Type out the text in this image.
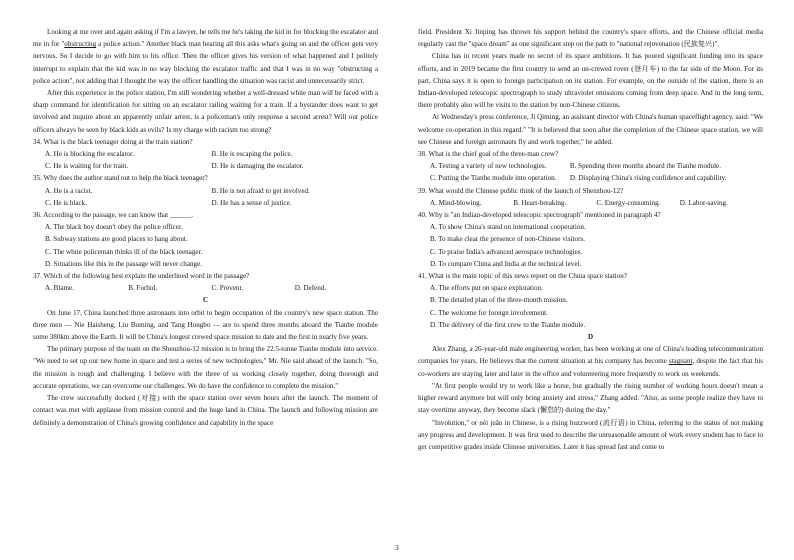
Looking at me over and again asking if I'm a lawyer, he tells me he's taking the kid in for blocking the escalator and me in for "obstructing a police action." Another black man hearing all this asks what's going on and the officer gets very nervous. So I decide to go with him to his office. Then the officer gives his version of what happened and I politely interrupt to explain that the kid was in no way blocking the escalator traffic and that I was in no way "obstructing a police action", not adding that I thought the way the officer handling the situation was racist and unnecessarily strict.

After this experience in the police station, I'm still wondering whether a well-dressed white man will be faced with a sharp command for identification for sitting on an escalator railing waiting for a train. If a bystander does want to get involved and inquire about an apparently unfair arrest, is a policeman's only response a second arrest? Will our police officers always be seen by black kids as evils? Is my charge with racism too strong?

34. What is the black teenager doing at the train station?
A. He is blocking the escalator.	B. He is escaping the police.
C. He is waiting for the train.	D. He is damaging the escalator.
35. Why does the author stand out to help the black teenager?
A. He is a racist.	B. He is not afraid to get involved.
C. He is black.	D. He has a sense of justice.
36. According to the passage, we can know that ______.
A. The black boy doesn't obey the police officer.
B. Subway stations are good places to hang about.
C. The white policeman thinks ill of the black teenager.
D. Situations like this in the passage will never change.
37. Which of the following best explain the underlined word in the passage?
A. Blame.	B. Forbid.	C. Prevent.	D. Defend.
C

On June 17, China launched three astronauts into orbit to begin occupation of the country's new space station. The three men — Nie Haisheng, Liu Boming, and Tang Hongbo — are to spend three months aboard the Tianhe module some 380km above the Earth. It will be China's longest crewed space mission to date and the first in nearly five years.

The primary purpose of the team on the Shenzhou-12 mission is to bring the 22.5-tonne Tianhe module into service. "We need to set up our new home in space and test a series of new technologies," Mr. Nie said ahead of the launch. "So, the mission is tough and challenging. I believe with the three of us working closely together, doing thorough and accurate operations, we can overcome our challenges. We do have the confidence to complete the mission."

The crew successfully docked (对接) with the space station over seven hours after the launch. The moment of contact was met with applause from mission control and the huge land in China. The launch and following mission are definitely a demonstration of China's growing confidence and capability in the space

field. President Xi Jinping has thrown his support behind the country's space efforts, and the Chinese official media regularly cast the "space dream" as one significant step on the path to "national rejuvenation (民族复兴)".

China has in recent years made no secret of its space ambitions. It has poured significant funding into its space efforts, and in 2019 became the first country to send an un-crewed rover (登月车) to the far side of the Moon. For its part, China says it is open to foreign participation on its station. For example, on the outside of the station, there is an Indian-developed telescopic spectrograph to study ultraviolet emissions coming from deep space. And in the long term, there probably also will be visits to the station by non-Chinese citizens.

At Wednesday's press conference, Ji Qiming, an assistant director with China's human spaceflight agency, said: "We welcome co-operation in this regard." "It is believed that soon after the completion of the Chinese space station, we will see Chinese and foreign astronauts fly and work together," he added.

38. What is the chief goal of the three-man crew?
A. Testing a variety of new technologies.	B. Spending three months aboard the Tianhe module.
C. Putting the Tianhe module into operation.	D. Displaying China's rising confidence and capability.
39. What would the Chinese public think of the launch of Shenzhou-12?
A. Mind-blowing.	B. Heart-breaking.	C. Energy-consuming.	D. Labor-saving.
40. Why is "an Indian-developed telescopic spectrograph" mentioned in paragraph 4?
A. To show China's stand on international cooperation.
B. To make clear the presence of non-Chinese visitors.
C. To praise India's advanced aerospace technologies.
D. To compare China and India at the technical level.
41. What is the main topic of this news report on the China space station?
A. The efforts put on space exploration.
B. The detailed plan of the three-month mission.
C. The welcome for foreign involvement.
D. The delivery of the first crew to the Tianhe module.
D

Alex Zhang, a 26-year-old male engineering worker, has been working at one of China's leading telecommunication companies for years. He believes that the current situation at his company has become stagnant, despite the fact that his co-workers are staying later and later in the office and volunteering more frequently to work on weekends.

"At first people would try to work like a horse, but gradually the rising number of working hours doesn't mean a higher reward anymore but will only bring anxiety and stress," Zhang added. "Also, as some people realize they have to stay overtime anyway, they become slack (懈怠的) during the day."

"Involution," or nèi juǎn in Chinese, is a rising buzzword (流行语) in China, referring to the status of not making any progress and development. It was first used to describe the unreasonable amount of work every student has to face to get competitive grades inside Chinese universities. Later it has spread fast and come to

3
